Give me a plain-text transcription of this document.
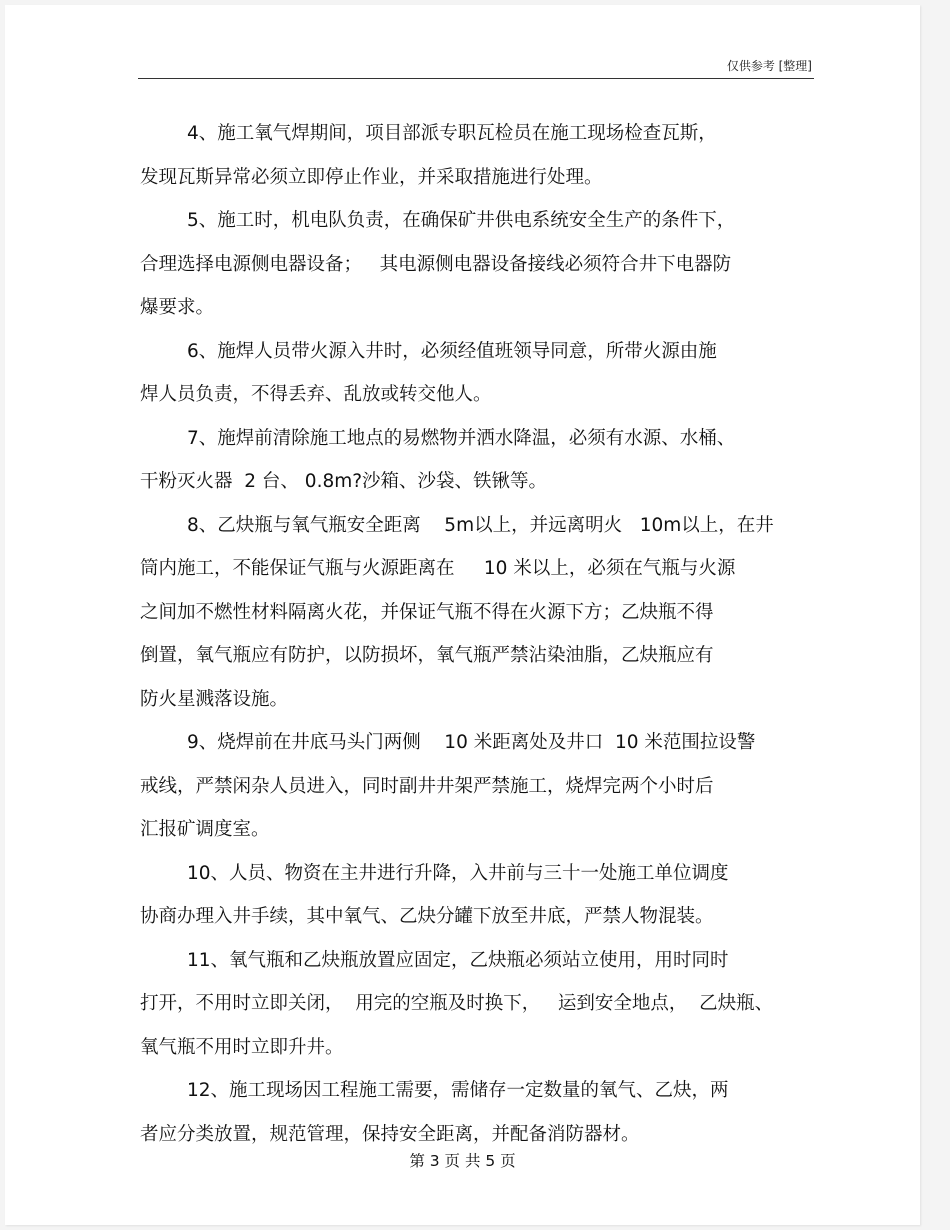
仅供参考 [整理]
4、施工氧气焊期间，项目部派专职瓦检员在施工现场检查瓦斯，
发现瓦斯异常必须立即停止作业，并采取措施进行处理。
5、施工时，机电队负责，在确保矿井供电系统安全生产的条件下，
合理选择电源侧电器设备；   其电源侧电器设备接线必须符合井下电器防
爆要求。
6、施焊人员带火源入井时，必须经值班领导同意，所带火源由施
焊人员负责，不得丢弃、乱放或转交他人。
7、施焊前清除施工地点的易燃物并洒水降温，必须有水源、水桶、
干粉灭火器  2 台、 0.8m?沙箱、沙袋、铁锹等。
8、乙炔瓶与氧气瓶安全距离    5m以上，并远离明火   10m以上，在井
筒内施工，不能保证气瓶与火源距离在     10 米以上，必须在气瓶与火源
之间加不燃性材料隔离火花，并保证气瓶不得在火源下方；乙炔瓶不得
倒置，氧气瓶应有防护，以防损坏，氧气瓶严禁沾染油脂，乙炔瓶应有
防火星溅落设施。
9、烧焊前在井底马头门两侧    10 米距离处及井口  10 米范围拉设警
戒线，严禁闲杂人员进入，同时副井井架严禁施工，烧焊完两个小时后
汇报矿调度室。
10、人员、物资在主井进行升降，入井前与三十一处施工单位调度
协商办理入井手续，其中氧气、乙炔分罐下放至井底，严禁人物混装。
11、氧气瓶和乙炔瓶放置应固定，乙炔瓶必须站立使用，用时同时
打开，不用时立即关闭，  用完的空瓶及时换下，   运到安全地点，  乙炔瓶、
氧气瓶不用时立即升井。
12、施工现场因工程施工需要，需储存一定数量的氧气、乙炔，两
者应分类放置，规范管理，保持安全距离，并配备消防器材。
第 3 页 共 5 页
